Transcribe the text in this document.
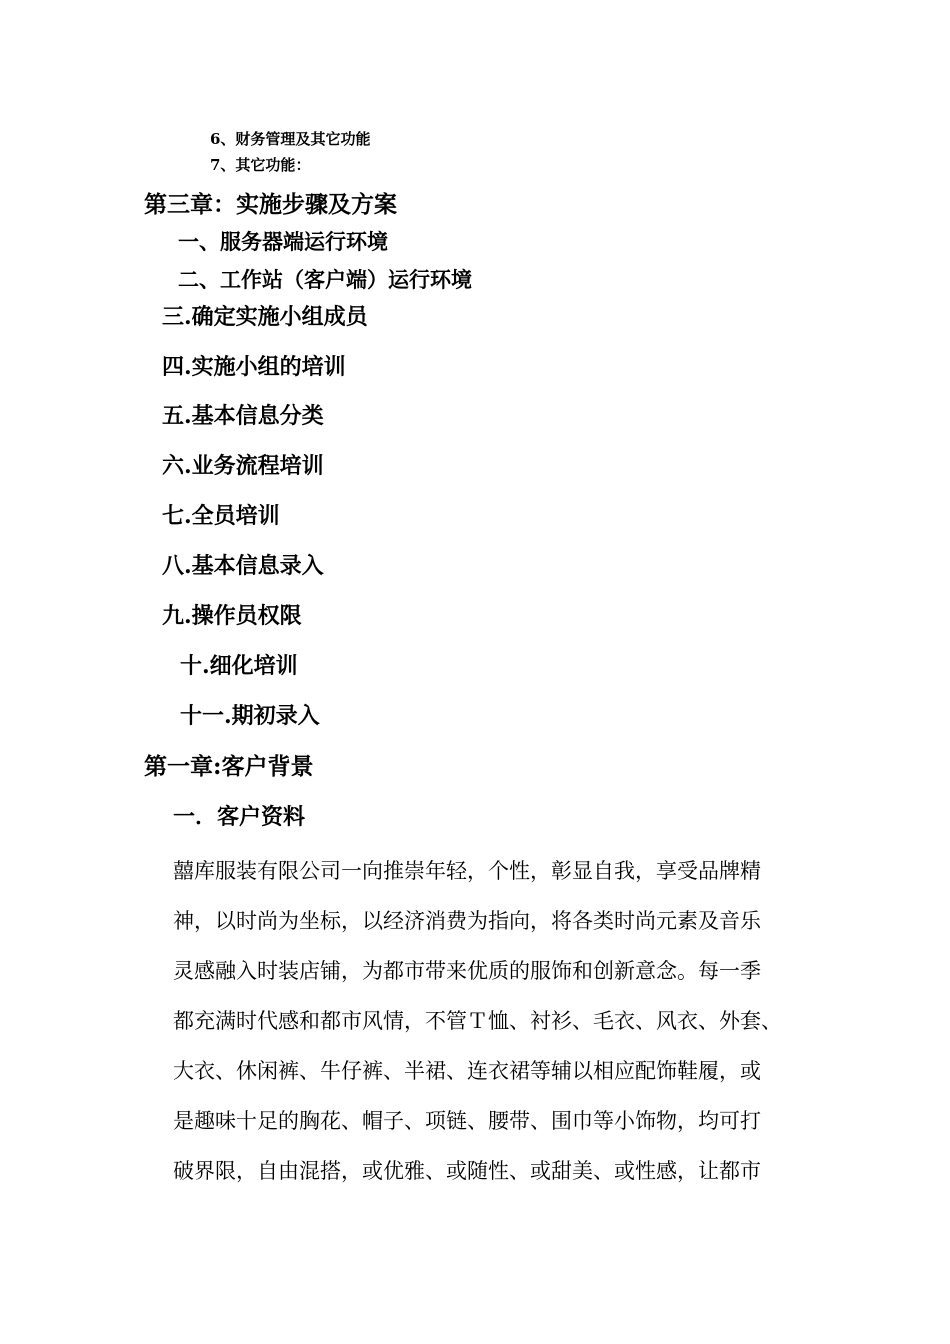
6、财务管理及其它功能
7、其它功能：
第三章：实施步骤及方案
一、服务器端运行环境
二、工作站（客户端）运行环境
三.确定实施小组成员
四.实施小组的培训
五.基本信息分类
六.业务流程培训
七.全员培训
八.基本信息录入
九.操作员权限
十.细化培训
十一.期初录入
第一章:客户背景
一．客户资料
囍库服装有限公司一向推崇年轻，个性，彰显自我，享受品牌精
神，以时尚为坐标，以经济消费为指向，将各类时尚元素及音乐
灵感融入时装店铺，为都市带来优质的服饰和创新意念。每一季
都充满时代感和都市风情，不管Ｔ恤、衬衫、毛衣、风衣、外套、
大衣、休闲裤、牛仔裤、半裙、连衣裙等辅以相应配饰鞋履，或
是趣味十足的胸花、帽子、项链、腰带、围巾等小饰物，均可打
破界限，自由混搭，或优雅、或随性、或甜美、或性感，让都市
